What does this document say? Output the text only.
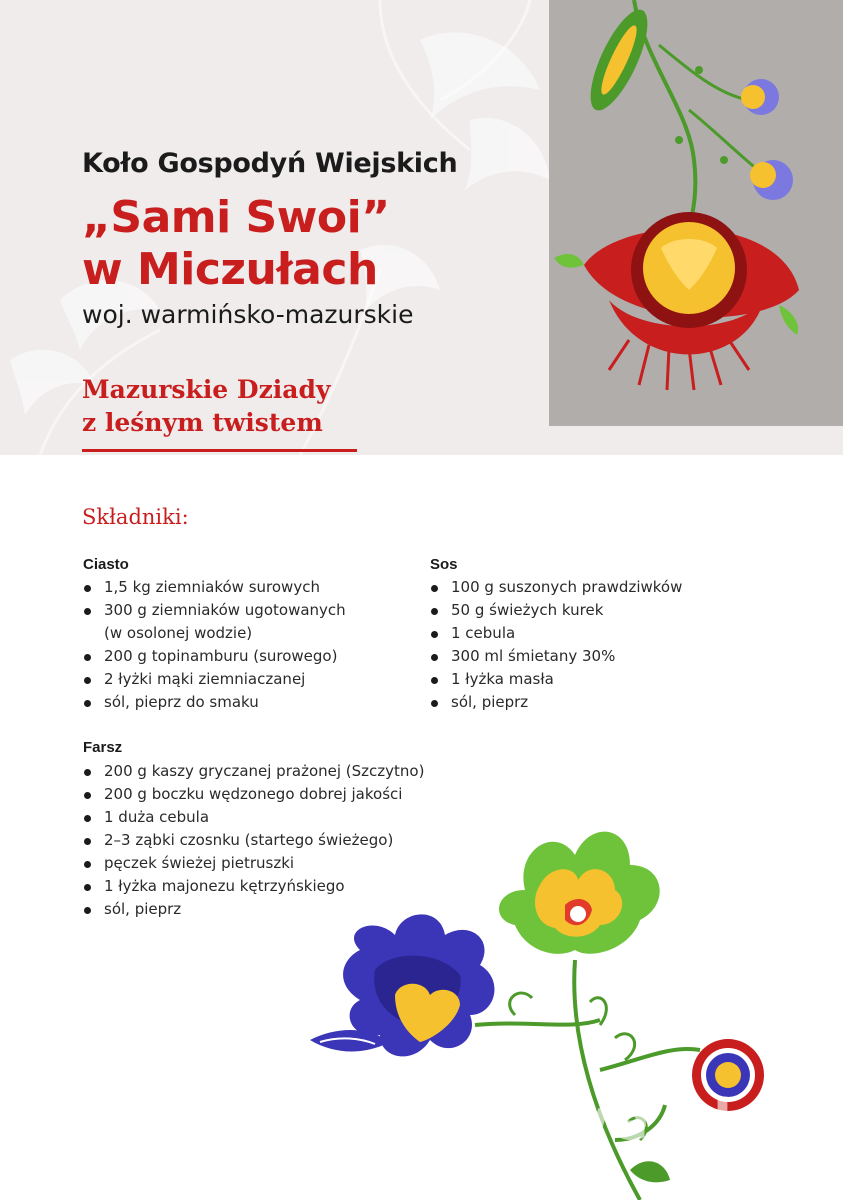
Koło Gospodyń Wiejskich
„Sami Swoi”
w Miczułach
woj. warmińsko-mazurskie
Mazurskie Dziady
z leśnym twistem
Składniki:
Ciasto
1,5 kg ziemniaków surowych
300 g ziemniaków ugotowanych
(w osolonej wodzie)
200 g topinamburu (surowego)
2 łyżki mąki ziemniaczanej
sól, pieprz do smaku
Farsz
200 g kaszy gryczanej prażonej (Szczytno)
200 g boczku wędzonego dobrej jakości
1 duża cebula
2–3 ząbki czosnku (startego świeżego)
pęczek świeżej pietruszki
1 łyżka majonezu kętrzyńskiego
sól, pieprz
Sos
100 g suszonych prawdziwków
50 g świeżych kurek
1 cebula
300 ml śmietany 30%
1 łyżka masła
sól, pieprz
wedlinydomowe.pl
